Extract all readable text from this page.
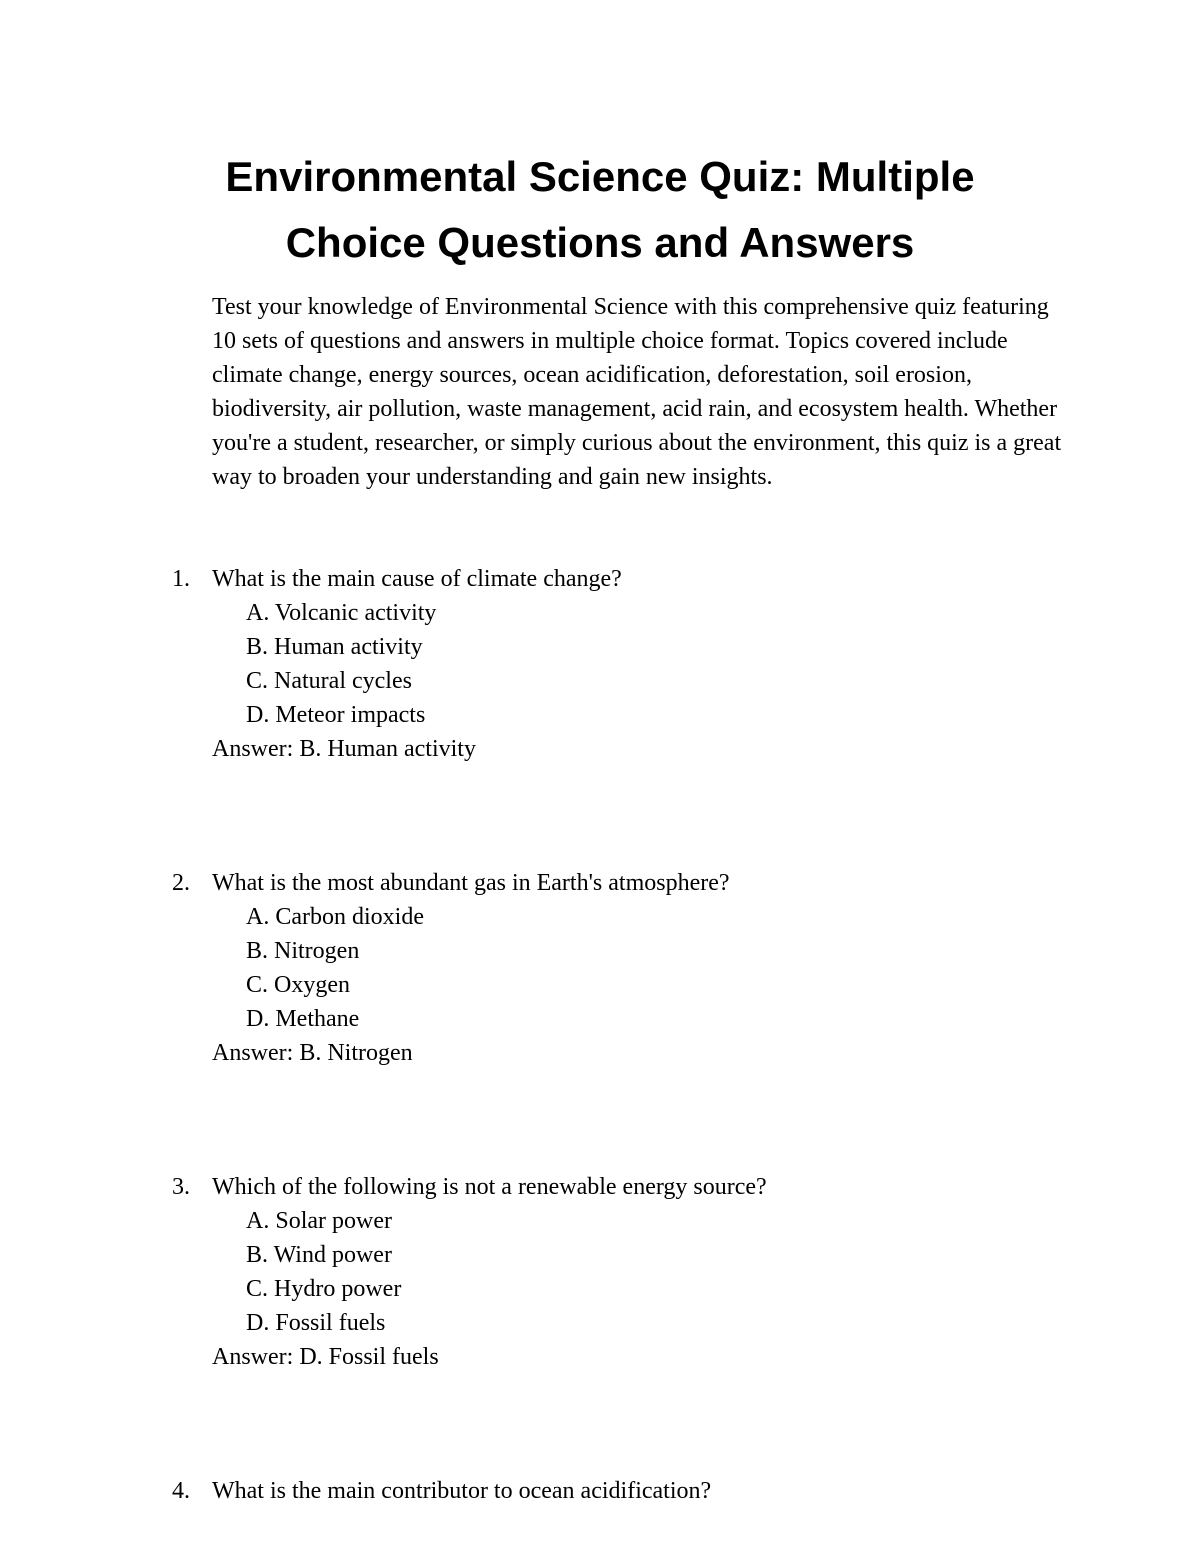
Environmental Science Quiz: Multiple Choice Questions and Answers

Test your knowledge of Environmental Science with this comprehensive quiz featuring 10 sets of questions and answers in multiple choice format. Topics covered include climate change, energy sources, ocean acidification, deforestation, soil erosion, biodiversity, air pollution, waste management, acid rain, and ecosystem health. Whether you're a student, researcher, or simply curious about the environment, this quiz is a great way to broaden your understanding and gain new insights.

1. What is the main cause of climate change?
A. Volcanic activity
B. Human activity
C. Natural cycles
D. Meteor impacts
Answer: B. Human activity
2. What is the most abundant gas in Earth's atmosphere?
A. Carbon dioxide
B. Nitrogen
C. Oxygen
D. Methane
Answer: B. Nitrogen
3. Which of the following is not a renewable energy source?
A. Solar power
B. Wind power
C. Hydro power
D. Fossil fuels
Answer: D. Fossil fuels
4. What is the main contributor to ocean acidification?
